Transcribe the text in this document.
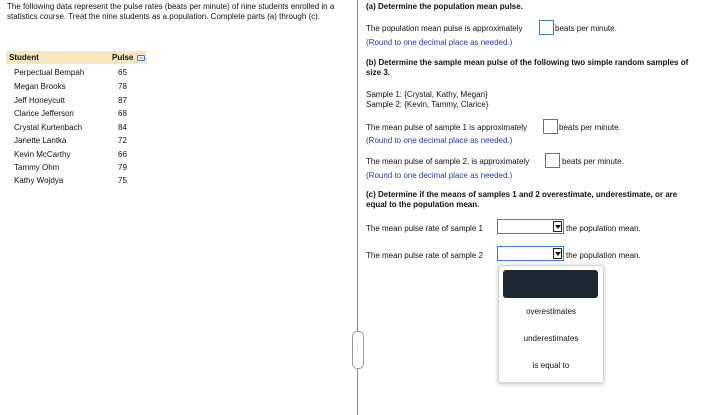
The following data represent the pulse rates (beats per minute) of nine students enrolled in a statistics course. Treat the nine students as a population. Complete parts (a) through (c).
Student	Pulse
Perpectual Bempah	65
Megan Brooks	78
Jeff Honeycutt	87
Clarice Jefferson	68
Crystal Kurtenbach	84
Janette Lantka	72
Kevin McCarthy	66
Tammy Ohm	79
Kathy Wojdya	75
.....
(a) Determine the population mean pulse.
The population mean pulse is approximately	beats per minute.
(Round to one decimal place as needed.)
(b) Determine the sample mean pulse of the following two simple random samples of
size 3.
Sample 1: {Crystal, Kathy, Megan}
Sample 2: {Kevin, Tammy, Clarice}
The mean pulse of sample 1 is approximately	beats per minute.
(Round to one decimal place as needed.)
The mean pulse of sample 2, is approximately	beats per minute.
(Round to one decimal place as needed.)
(c) Determine if the means of samples 1 and 2 overestimate, underestimate, or are
equal to the population mean.
The mean pulse rate of sample 1	the population mean.
The mean pulse rate of sample 2	the population mean.
overestimates
underestimates
is equal to
